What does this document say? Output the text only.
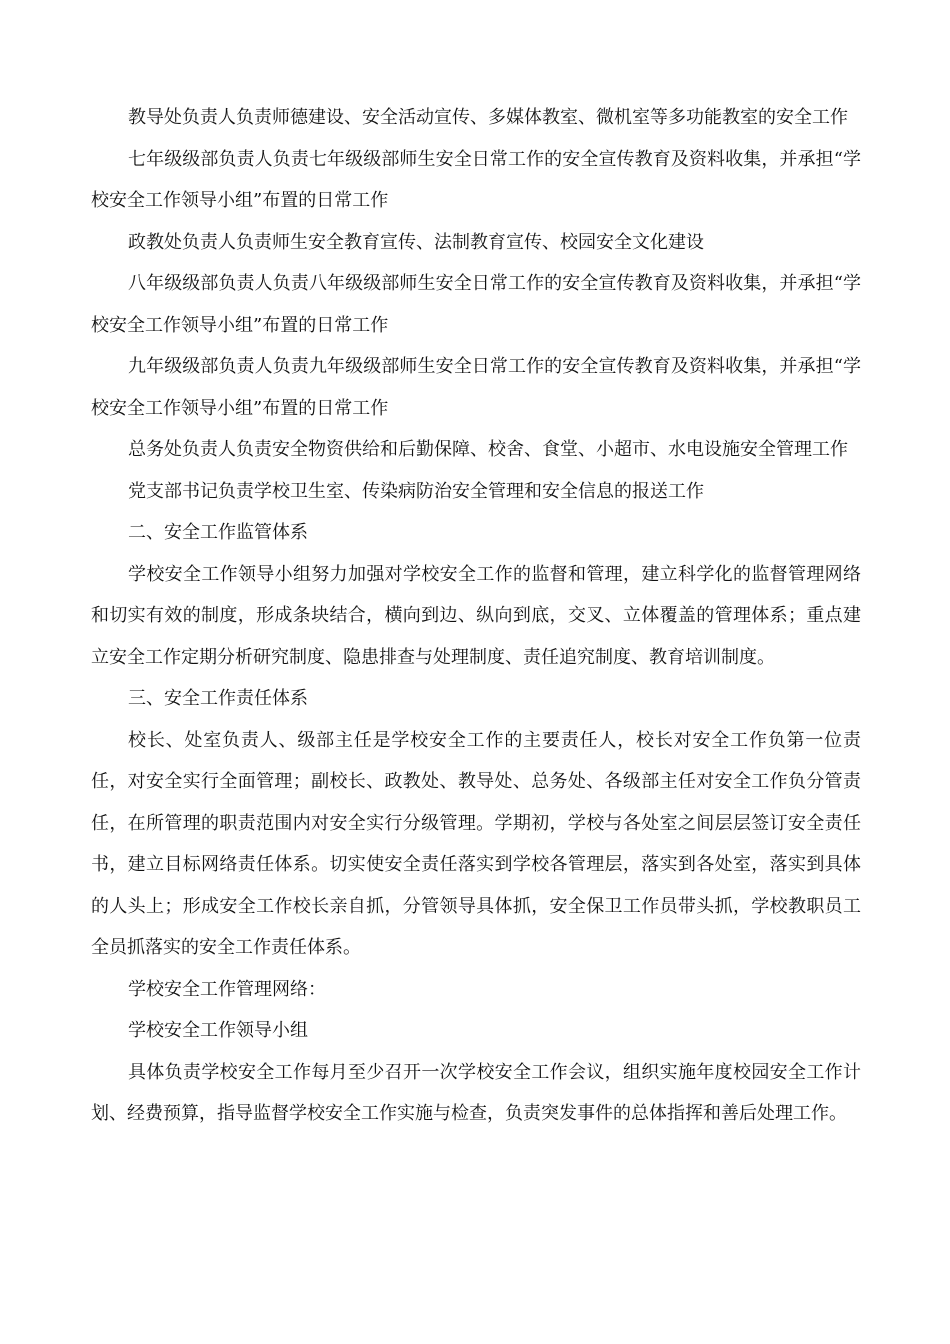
教导处负责人负责师德建设、安全活动宣传、多媒体教室、微机室等多功能教室的安全工作

七年级级部负责人负责七年级级部师生安全日常工作的安全宣传教育及资料收集，并承担“学校安全工作领导小组”布置的日常工作

政教处负责人负责师生安全教育宣传、法制教育宣传、校园安全文化建设

八年级级部负责人负责八年级级部师生安全日常工作的安全宣传教育及资料收集，并承担“学校安全工作领导小组”布置的日常工作

九年级级部负责人负责九年级级部师生安全日常工作的安全宣传教育及资料收集，并承担“学校安全工作领导小组”布置的日常工作

总务处负责人负责安全物资供给和后勤保障、校舍、食堂、小超市、水电设施安全管理工作

党支部书记负责学校卫生室、传染病防治安全管理和安全信息的报送工作

二、安全工作监管体系

学校安全工作领导小组努力加强对学校安全工作的监督和管理，建立科学化的监督管理网络和切实有效的制度，形成条块结合，横向到边、纵向到底，交叉、立体覆盖的管理体系；重点建立安全工作定期分析研究制度、隐患排查与处理制度、责任追究制度、教育培训制度。

三、安全工作责任体系

校长、处室负责人、级部主任是学校安全工作的主要责任人，校长对安全工作负第一位责任，对安全实行全面管理；副校长、政教处、教导处、总务处、各级部主任对安全工作负分管责任，在所管理的职责范围内对安全实行分级管理。学期初，学校与各处室之间层层签订安全责任书，建立目标网络责任体系。切实使安全责任落实到学校各管理层，落实到各处室，落实到具体的人头上；形成安全工作校长亲自抓，分管领导具体抓，安全保卫工作员带头抓，学校教职员工全员抓落实的安全工作责任体系。

学校安全工作管理网络：

学校安全工作领导小组

具体负责学校安全工作每月至少召开一次学校安全工作会议，组织实施年度校园安全工作计划、经费预算，指导监督学校安全工作实施与检查，负责突发事件的总体指挥和善后处理工作。
